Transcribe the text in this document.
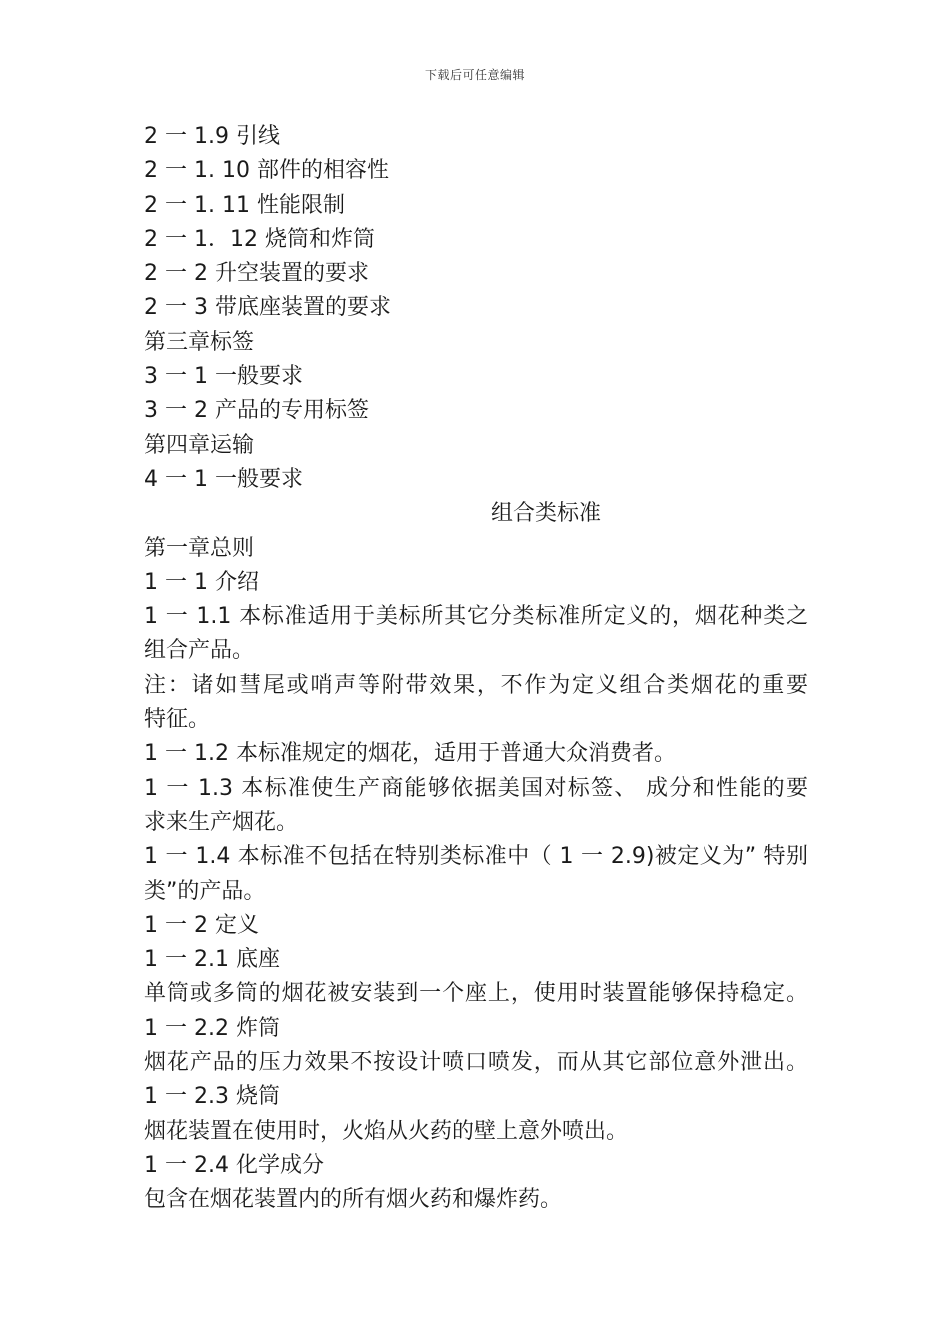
下载后可任意编辑
2 一 1.9 引线
2 一 1. 10 部件的相容性
2 一 1. 11 性能限制
2 一 1．12 烧筒和炸筒
2 一 2 升空装置的要求
2 一 3 带底座装置的要求
第三章标签
3 一 1 一般要求
3 一 2 产品的专用标签
第四章运输
4 一 1 一般要求
组合类标准
第一章总则
1 一 1 介绍
1 一 1.1 本标准适用于美标所其它分类标准所定义的，烟花种类之
组合产品。
注：诸如彗尾或哨声等附带效果，不作为定义组合类烟花的重要
特征。
1 一 1.2 本标准规定的烟花，适用于普通大众消费者。
1 一 1.3 本标准使生产商能够依据美国对标签、 成分和性能的要
求来生产烟花。
1 一 1.4 本标准不包括在特别类标准中（ 1 一 2.9)被定义为” 特别
类”的产品。
1 一 2 定义
1 一 2.1 底座
单筒或多筒的烟花被安装到一个座上，使用时装置能够保持稳定。
1 一 2.2 炸筒
烟花产品的压力效果不按设计喷口喷发，而从其它部位意外泄出。
1 一 2.3 烧筒
烟花装置在使用时，火焰从火药的壁上意外喷出。
1 一 2.4 化学成分
包含在烟花装置内的所有烟火药和爆炸药。
